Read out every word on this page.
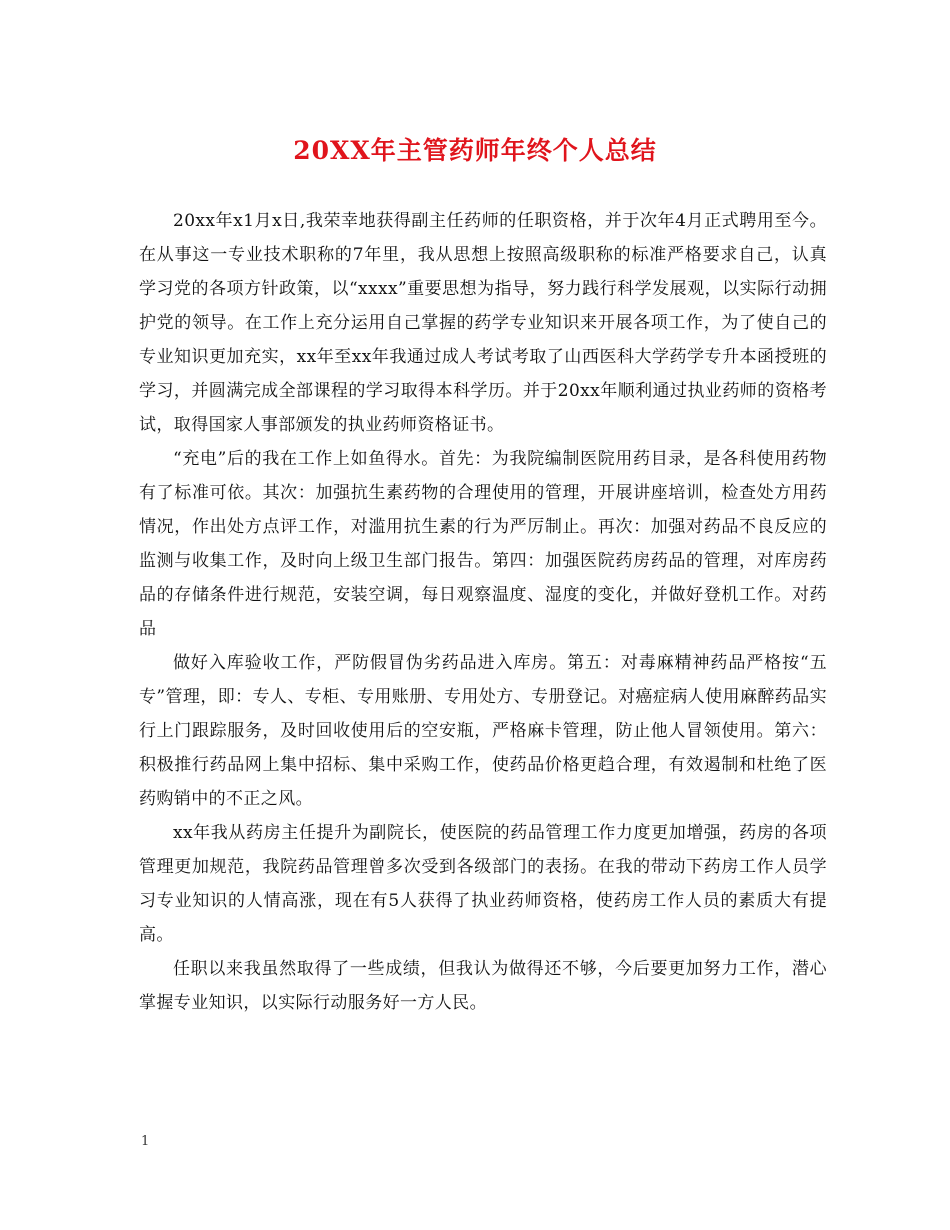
20XX年主管药师年终个人总结

20xx年x1月x日,我荣幸地获得副主任药师的任职资格，并于次年4月正式聘用至今。在从事这一专业技术职称的7年里，我从思想上按照高级职称的标准严格要求自己，认真学习党的各项方针政策，以“xxxx”重要思想为指导，努力践行科学发展观，以实际行动拥护党的领导。在工作上充分运用自己掌握的药学专业知识来开展各项工作，为了使自己的专业知识更加充实，xx年至xx年我通过成人考试考取了山西医科大学药学专升本函授班的学习，并圆满完成全部课程的学习取得本科学历。并于20xx年顺利通过执业药师的资格考试，取得国家人事部颁发的执业药师资格证书。

“充电”后的我在工作上如鱼得水。首先：为我院编制医院用药目录，是各科使用药物有了标准可依。其次：加强抗生素药物的合理使用的管理，开展讲座培训，检查处方用药情况，作出处方点评工作，对滥用抗生素的行为严厉制止。再次：加强对药品不良反应的监测与收集工作，及时向上级卫生部门报告。第四：加强医院药房药品的管理，对库房药品的存储条件进行规范，安装空调，每日观察温度、湿度的变化，并做好登机工作。对药品

做好入库验收工作，严防假冒伪劣药品进入库房。第五：对毒麻精神药品严格按“五专”管理，即：专人、专柜、专用账册、专用处方、专册登记。对癌症病人使用麻醉药品实行上门跟踪服务，及时回收使用后的空安瓶，严格麻卡管理，防止他人冒领使用。第六：积极推行药品网上集中招标、集中采购工作，使药品价格更趋合理，有效遏制和杜绝了医药购销中的不正之风。

xx年我从药房主任提升为副院长，使医院的药品管理工作力度更加增强，药房的各项管理更加规范，我院药品管理曾多次受到各级部门的表扬。在我的带动下药房工作人员学习专业知识的人情高涨，现在有5人获得了执业药师资格，使药房工作人员的素质大有提高。

任职以来我虽然取得了一些成绩，但我认为做得还不够，今后要更加努力工作，潜心掌握专业知识，以实际行动服务好一方人民。

1
